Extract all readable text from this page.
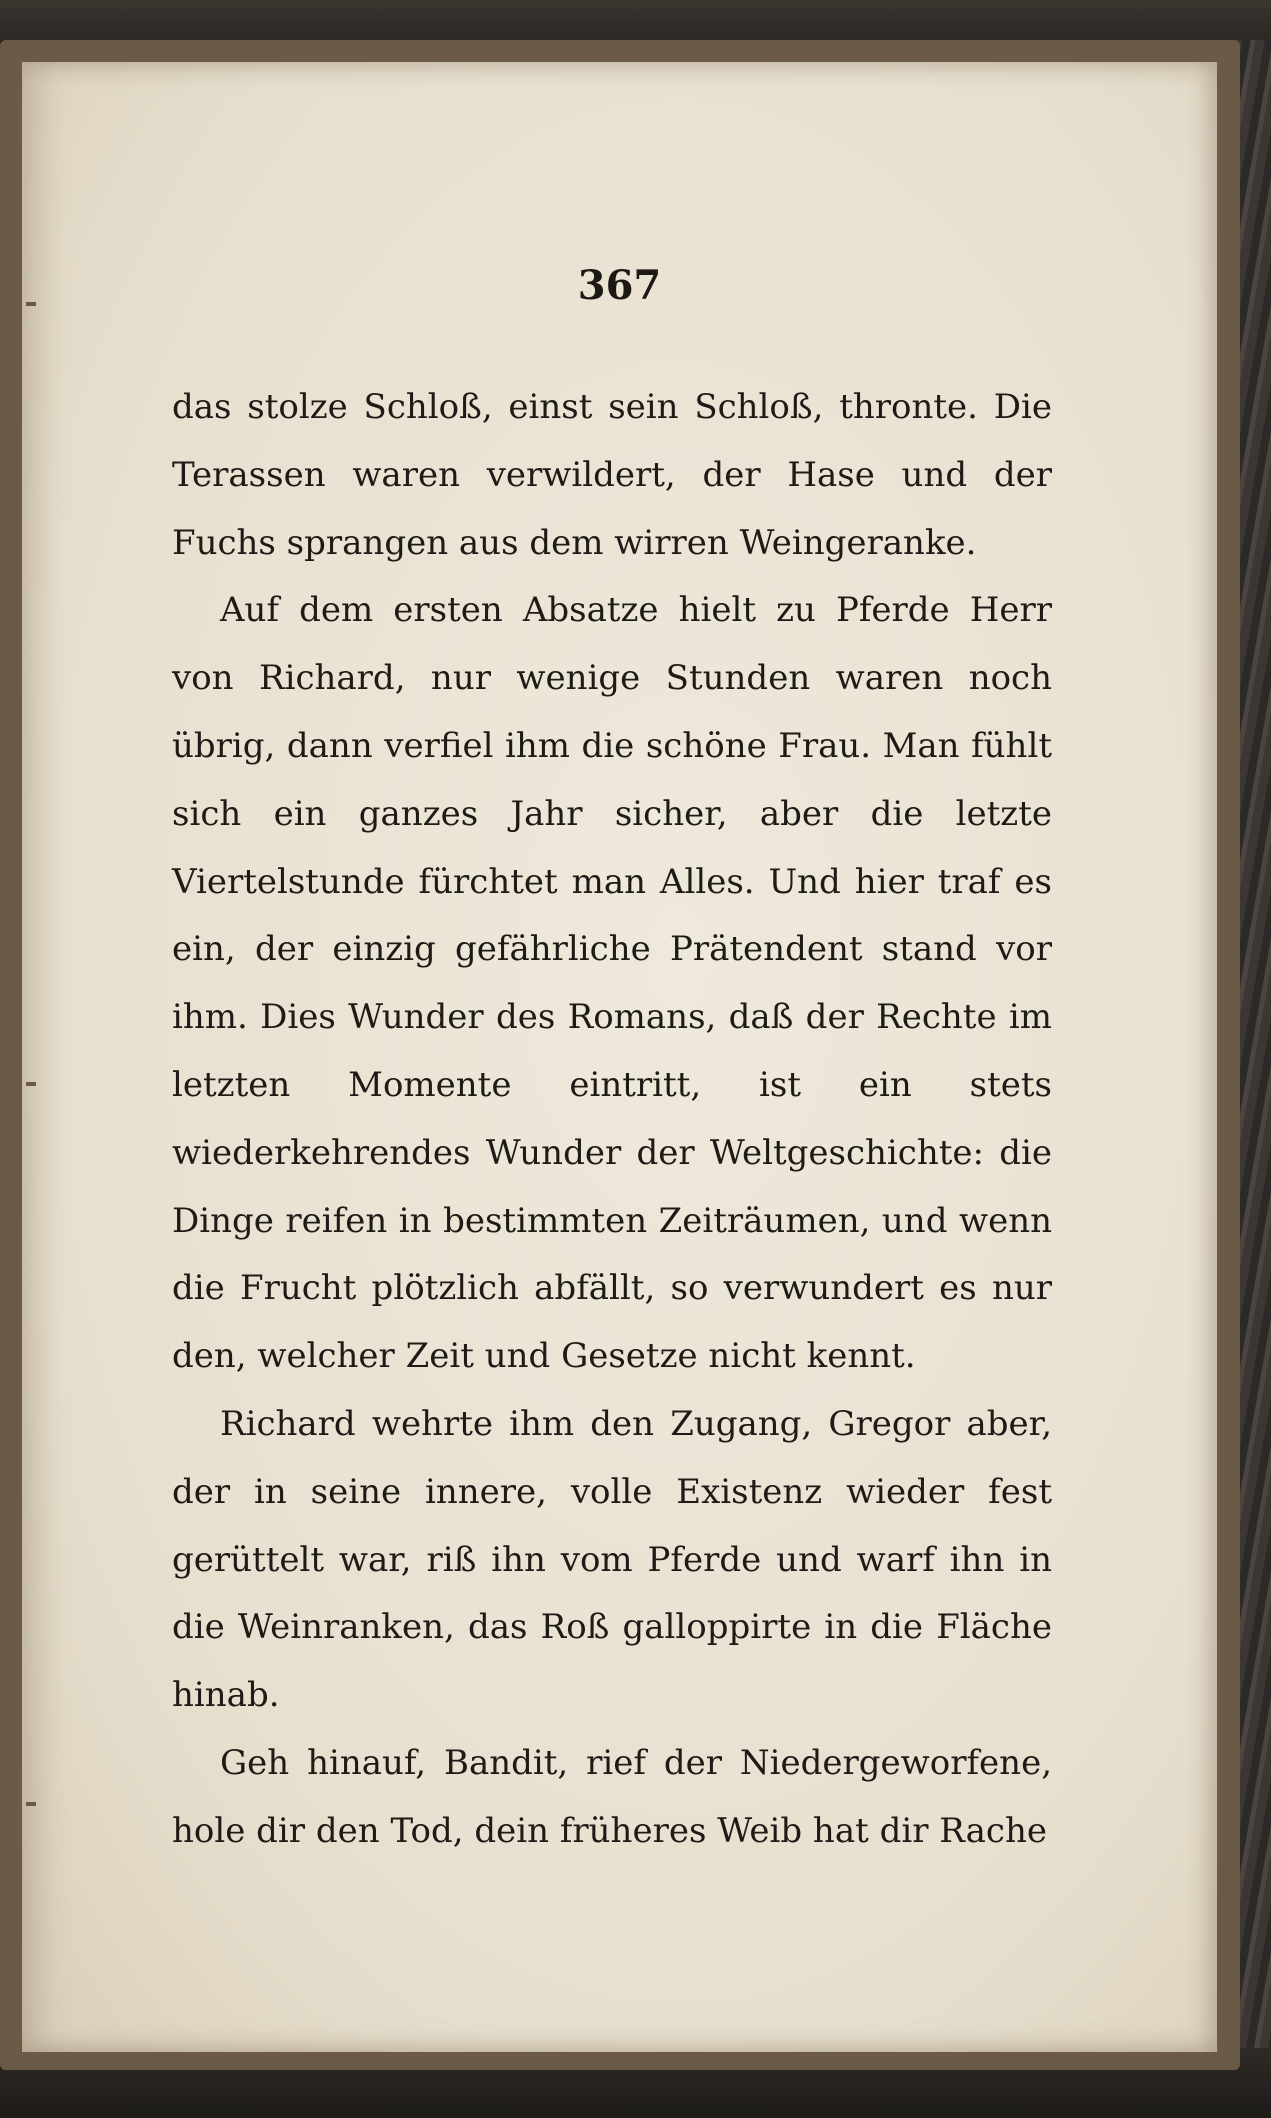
367

das stolze Schloß, einst sein Schloß, thronte. Die Terassen waren verwildert, der Hase und der Fuchs sprangen aus dem wirren Weingeranke.

Auf dem ersten Absatze hielt zu Pferde Herr von Richard, nur wenige Stunden waren noch übrig, dann verfiel ihm die schöne Frau. Man fühlt sich ein ganzes Jahr sicher, aber die letzte Viertelstunde fürchtet man Alles. Und hier traf es ein, der einzig gefährliche Prätendent stand vor ihm. Dies Wunder des Romans, daß der Rechte im letzten Momente eintritt, ist ein stets wiederkehrendes Wunder der Weltgeschichte: die Dinge reifen in bestimmten Zeiträumen, und wenn die Frucht plötzlich abfällt, so verwundert es nur den, welcher Zeit und Gesetze nicht kennt.

Richard wehrte ihm den Zugang, Gregor aber, der in seine innere, volle Existenz wieder fest gerüttelt war, riß ihn vom Pferde und warf ihn in die Weinranken, das Roß galloppirte in die Fläche hinab.

Geh hinauf, Bandit, rief der Niedergeworfene, hole dir den Tod, dein früheres Weib hat dir Rache
